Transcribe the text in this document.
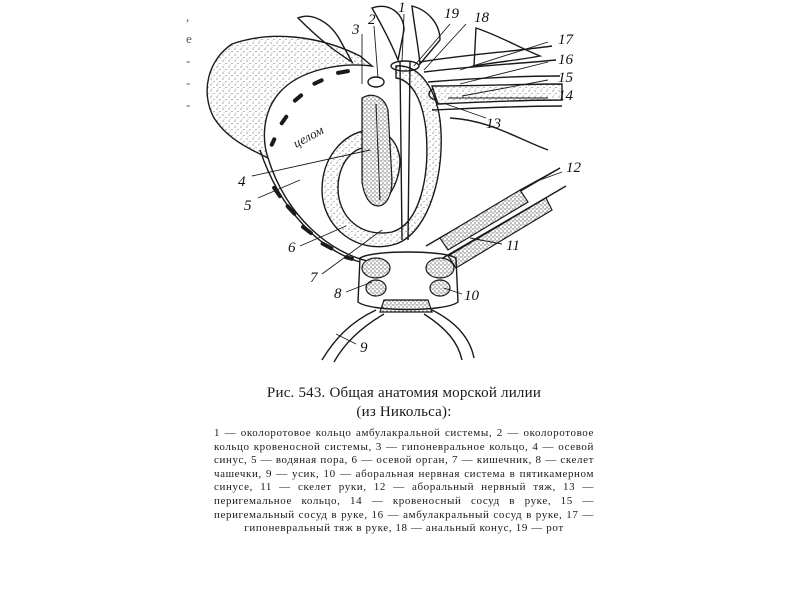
,
е
-
-
-
1
2
3
19 18
17
16
15
14
13
12
11
10
9
8
7
6
5
4
целом

Рис. 543. Общая анатомия морской лилии
(из Никольса):

1 — околоротовое кольцо амбулакральной системы, 2 — околоротовое кольцо кровеносной системы, 3 — гипоневральное кольцо, 4 — осевой синус, 5 — водяная пора, 6 — осевой орган, 7 — кишечник, 8 — скелет чашечки, 9 — усик, 10 — аборальная нервная система в пятикамерном синусе, 11 — скелет руки, 12 — аборальный нервный тяж, 13 — перигемальное кольцо, 14 — кровеносный сосуд в руке, 15 — перигемальный сосуд в руке, 16 — амбулакральный сосуд в руке, 17 — гипоневральный тяж в руке, 18 — анальный конус, 19 — рот
